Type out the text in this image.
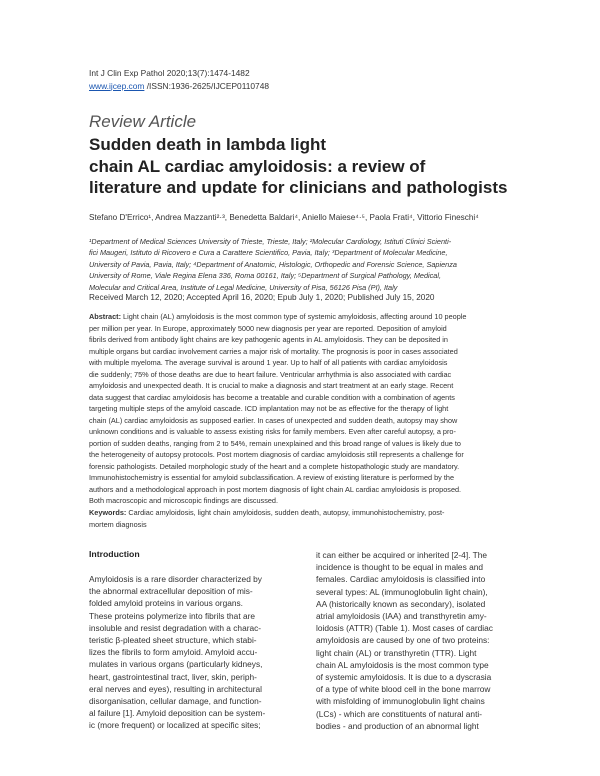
Int J Clin Exp Pathol 2020;13(7):1474-1482
www.ijcep.com /ISSN:1936-2625/IJCEP0110748
Review Article
Sudden death in lambda light
chain AL cardiac amyloidosis: a review of
literature and update for clinicians and pathologists
Stefano D'Errico¹, Andrea Mazzanti²·³, Benedetta Baldari⁴, Aniello Maiese⁴·⁵, Paola Frati⁴, Vittorio Fineschi⁴

¹Department of Medical Sciences University of Trieste, Trieste, Italy; ²Molecular Cardiology, Istituti Clinici Scienti-
fici Maugeri, Istituto di Ricovero e Cura a Carattere Scientifico, Pavia, Italy; ³Department of Molecular Medicine,
University of Pavia, Pavia, Italy; ⁴Department of Anatomic, Histologic, Orthopedic and Forensic Science, Sapienza
University of Rome, Viale Regina Elena 336, Roma 00161, Italy; ⁵Department of Surgical Pathology, Medical,
Molecular and Critical Area, Institute of Legal Medicine, University of Pisa, 56126 Pisa (PI), Italy

Received March 12, 2020; Accepted April 16, 2020; Epub July 1, 2020; Published July 15, 2020

Abstract: Light chain (AL) amyloidosis is the most common type of systemic amyloidosis, affecting around 10 people
per million per year. In Europe, approximately 5000 new diagnosis per year are reported. Deposition of amyloid
fibrils derived from antibody light chains are key pathogenic agents in AL amyloidosis. They can be deposited in
multiple organs but cardiac involvement carries a major risk of mortality. The prognosis is poor in cases associated
with multiple myeloma. The average survival is around 1 year. Up to half of all patients with cardiac amyloidosis
die suddenly; 75% of those deaths are due to heart failure. Ventricular arrhythmia is also associated with cardiac
amyloidosis and unexpected death. It is crucial to make a diagnosis and start treatment at an early stage. Recent
data suggest that cardiac amyloidosis has become a treatable and curable condition with a combination of agents
targeting multiple steps of the amyloid cascade. ICD implantation may not be as effective for the therapy of light
chain (AL) cardiac amyloidosis as supposed earlier. In cases of unexpected and sudden death, autopsy may show
unknown conditions and is valuable to assess existing risks for family members. Even after careful autopsy, a pro-
portion of sudden deaths, ranging from 2 to 54%, remain unexplained and this broad range of values is likely due to
the heterogeneity of autopsy protocols. Post mortem diagnosis of cardiac amyloidosis still represents a challenge for
forensic pathologists. Detailed morphologic study of the heart and a complete histopathologic study are mandatory.
Immunohistochemistry is essential for amyloid subclassification. A review of existing literature is performed by the
authors and a methodological approach in post mortem diagnosis of light chain AL cardiac amyloidosis is proposed.
Both macroscopic and microscopic findings are discussed.

Keywords: Cardiac amyloidosis, light chain amyloidosis, sudden death, autopsy, immunohistochemistry, post-
mortem diagnosis

Introduction

Amyloidosis is a rare disorder characterized by
the abnormal extracellular deposition of mis-
folded amyloid proteins in various organs.
These proteins polymerize into fibrils that are
insoluble and resist degradation with a charac-
teristic β-pleated sheet structure, which stabi-
lizes the fibrils to form amyloid. Amyloid accu-
mulates in various organs (particularly kidneys,
heart, gastrointestinal tract, liver, skin, periph-
eral nerves and eyes), resulting in architectural
disorganisation, cellular damage, and function-
al failure [1]. Amyloid deposition can be system-
ic (more frequent) or localized at specific sites;

it can either be acquired or inherited [2-4]. The
incidence is thought to be equal in males and
females. Cardiac amyloidosis is classified into
several types: AL (immunoglobulin light chain),
AA (historically known as secondary), isolated
atrial amyloidosis (IAA) and transthyretin amy-
loidosis (ATTR) (Table 1). Most cases of cardiac
amyloidosis are caused by one of two proteins:
light chain (AL) or transthyretin (TTR). Light
chain AL amyloidosis is the most common type
of systemic amyloidosis. It is due to a dyscrasia
of a type of white blood cell in the bone marrow
with misfolding of immunoglobulin light chains
(LCs) - which are constituents of natural anti-
bodies - and production of an abnormal light
